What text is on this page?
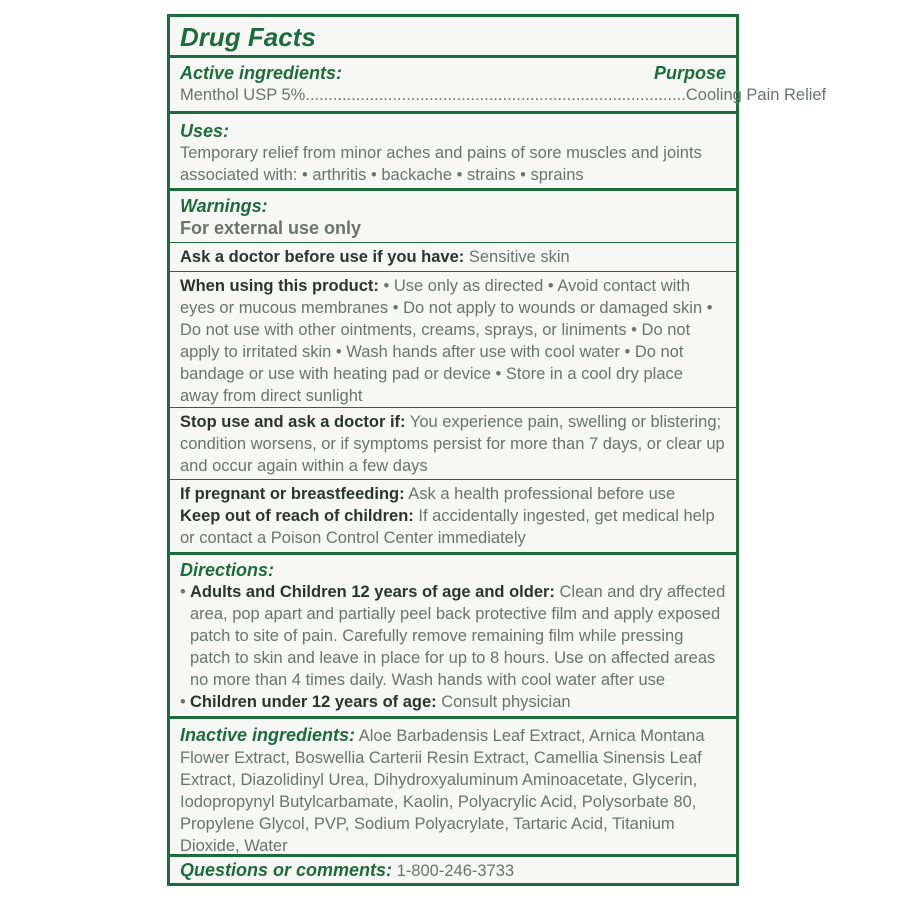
Drug Facts
Active ingredients:	Purpose
Menthol USP 5% ................................................................................... Cooling Pain Relief
Uses:
Temporary relief from minor aches and pains of sore muscles and joints associated with: • arthritis • backache • strains • sprains
Warnings:
For external use only
Ask a doctor before use if you have: Sensitive skin
When using this product: • Use only as directed • Avoid contact with eyes or mucous membranes • Do not apply to wounds or damaged skin • Do not use with other ointments, creams, sprays, or liniments • Do not apply to irritated skin • Wash hands after use with cool water • Do not bandage or use with heating pad or device • Store in a cool dry place away from direct sunlight
Stop use and ask a doctor if: You experience pain, swelling or blistering; condition worsens, or if symptoms persist for more than 7 days, or clear up and occur again within a few days
If pregnant or breastfeeding: Ask a health professional before use
Keep out of reach of children: If accidentally ingested, get medical help or contact a Poison Control Center immediately
Directions:
• Adults and Children 12 years of age and older: Clean and dry affected area, pop apart and partially peel back protective film and apply exposed patch to site of pain. Carefully remove remaining film while pressing patch to skin and leave in place for up to 8 hours. Use on affected areas no more than 4 times daily. Wash hands with cool water after use
• Children under 12 years of age: Consult physician
Inactive ingredients: Aloe Barbadensis Leaf Extract, Arnica Montana Flower Extract, Boswellia Carterii Resin Extract, Camellia Sinensis Leaf Extract, Diazolidinyl Urea, Dihydroxyaluminum Aminoacetate, Glycerin, Iodopropynyl Butylcarbamate, Kaolin, Polyacrylic Acid, Polysorbate 80, Propylene Glycol, PVP, Sodium Polyacrylate, Tartaric Acid, Titanium Dioxide, Water
Questions or comments: 1-800-246-3733
